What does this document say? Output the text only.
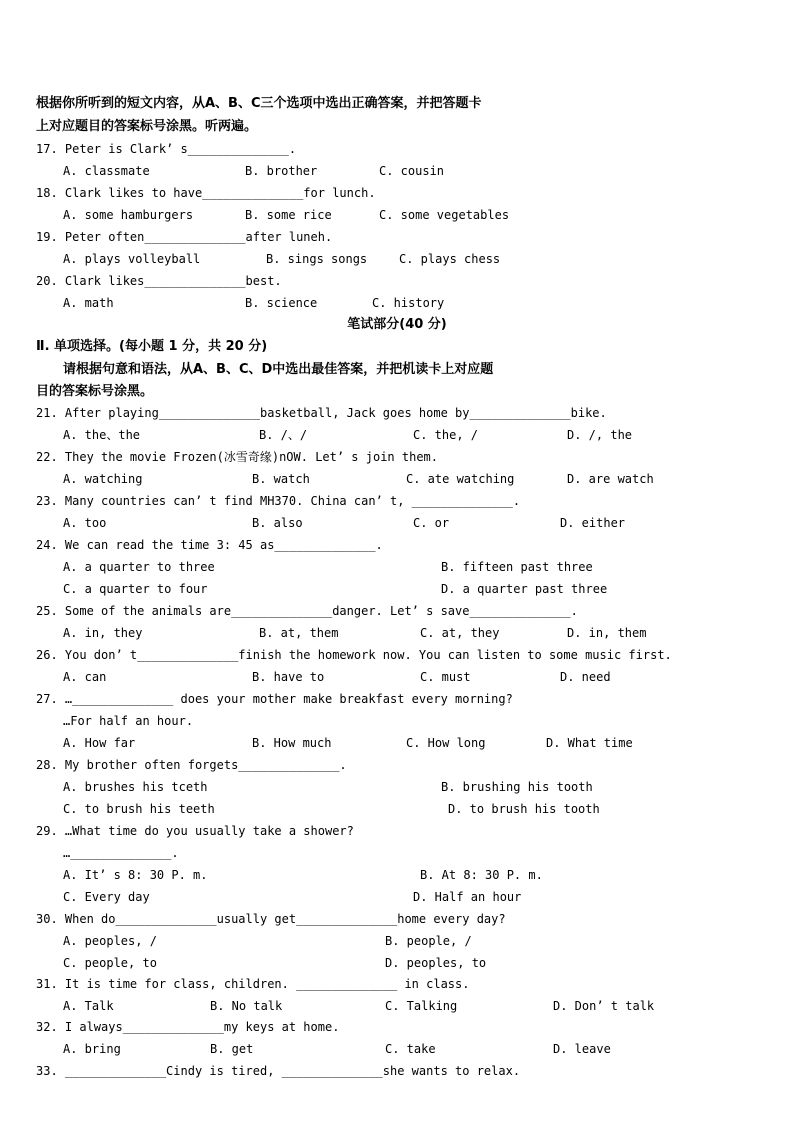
根据你所听到的短文内容，从A、B、C三个选项中选出正确答案，并把答题卡
上对应题目的答案标号涂黑。听两遍。
17. Peter is Clark’ s______________.
A. classmate	B. brother	C. cousin
18. Clark likes to have______________for lunch.
A. some hamburgers	B. some rice	C. some vegetables
19. Peter often______________after luneh.
A. plays volleyball	B. sings songs	C. plays chess
20. Clark likes______________best.
A. math	B. science	C. history
笔试部分(40 分)
Ⅱ. 单项选择。(每小题 1 分，共 20 分)
请根据句意和语法，从A、B、C、D中选出最佳答案，并把机读卡上对应题
目的答案标号涂黑。
21. After playing______________basketball, Jack goes home by______________bike.
A. the、the	B. /、/	C. the, /	D. /, the
22. They the movie Frozen(冰雪奇缘)nOW. Let’ s join them.
A. watching	B. watch	C. ate watching	D. are watch
23. Many countries can’ t find MH370. China can’ t, ______________.
A. too	B. also	C. or	D. either
24. We can read the time 3: 45 as______________.
A. a quarter to three	B. fifteen past three
C. a quarter to four	D. a quarter past three
25. Some of the animals are______________danger. Let’ s save______________.
A. in, they	B. at, them	C. at, they	D. in, them
26. You don’ t______________finish the homework now. You can listen to some music first.
A. can	B. have to	C. must	D. need
27. …______________ does your mother make breakfast every morning?
…For half an hour.
A. How far	B. How much	C. How long	D. What time
28. My brother often forgets______________.
A. brushes his tceth	B. brushing his tooth
C. to brush his teeth	D. to brush his tooth
29. …What time do you usually take a shower?
…______________.
A. It’ s 8: 30 P. m.	B. At 8: 30 P. m.
C. Every day	D. Half an hour
30. When do______________usually get______________home every day?
A. peoples, /	B. people, /
C. people, to	D. peoples, to
31. It is time for class, children. ______________ in class.
A. Talk	B. No talk	C. Talking	D. Don’ t talk
32. I always______________my keys at home.
A. bring	B. get	C. take	D. leave
33. ______________Cindy is tired, ______________she wants to relax.
